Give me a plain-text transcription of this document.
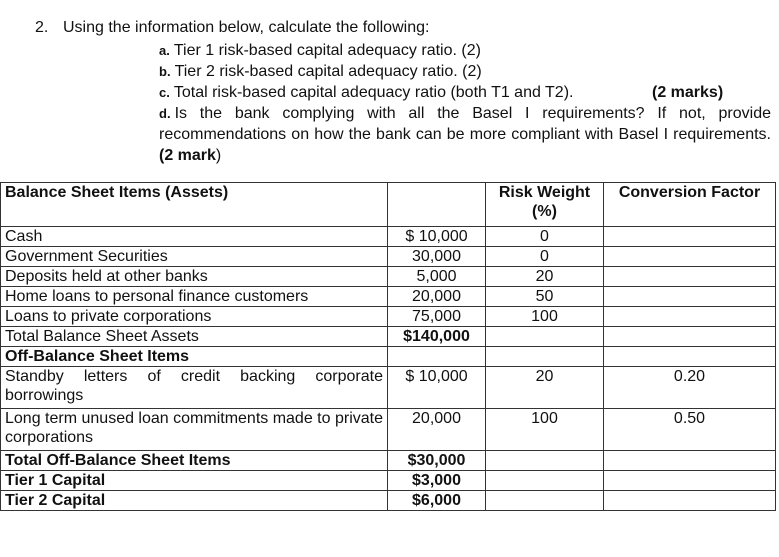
2. Using the information below, calculate the following:
a. Tier 1 risk-based capital adequacy ratio. (2)
b. Tier 2 risk-based capital adequacy ratio. (2)
c. Total risk-based capital adequacy ratio (both T1 and T2).	(2 marks)
d. Is the bank complying with all the Basel I requirements? If not, provide recommendations on how the bank can be more compliant with Basel I requirements. (2 mark)
Balance Sheet Items (Assets)		Risk Weight (%)	Conversion Factor
Cash	$ 10,000	0	
Government Securities	30,000	0	
Deposits held at other banks	5,000	20	
Home loans to personal finance customers	20,000	50	
Loans to private corporations	75,000	100	
Total Balance Sheet Assets	$140,000		
Off-Balance Sheet Items			
Standby letters of credit backing corporate borrowings	$ 10,000	20	0.20
Long term unused loan commitments made to private corporations	20,000	100	0.50
Total Off-Balance Sheet Items	$30,000		
Tier 1 Capital	$3,000		
Tier 2 Capital	$6,000		
